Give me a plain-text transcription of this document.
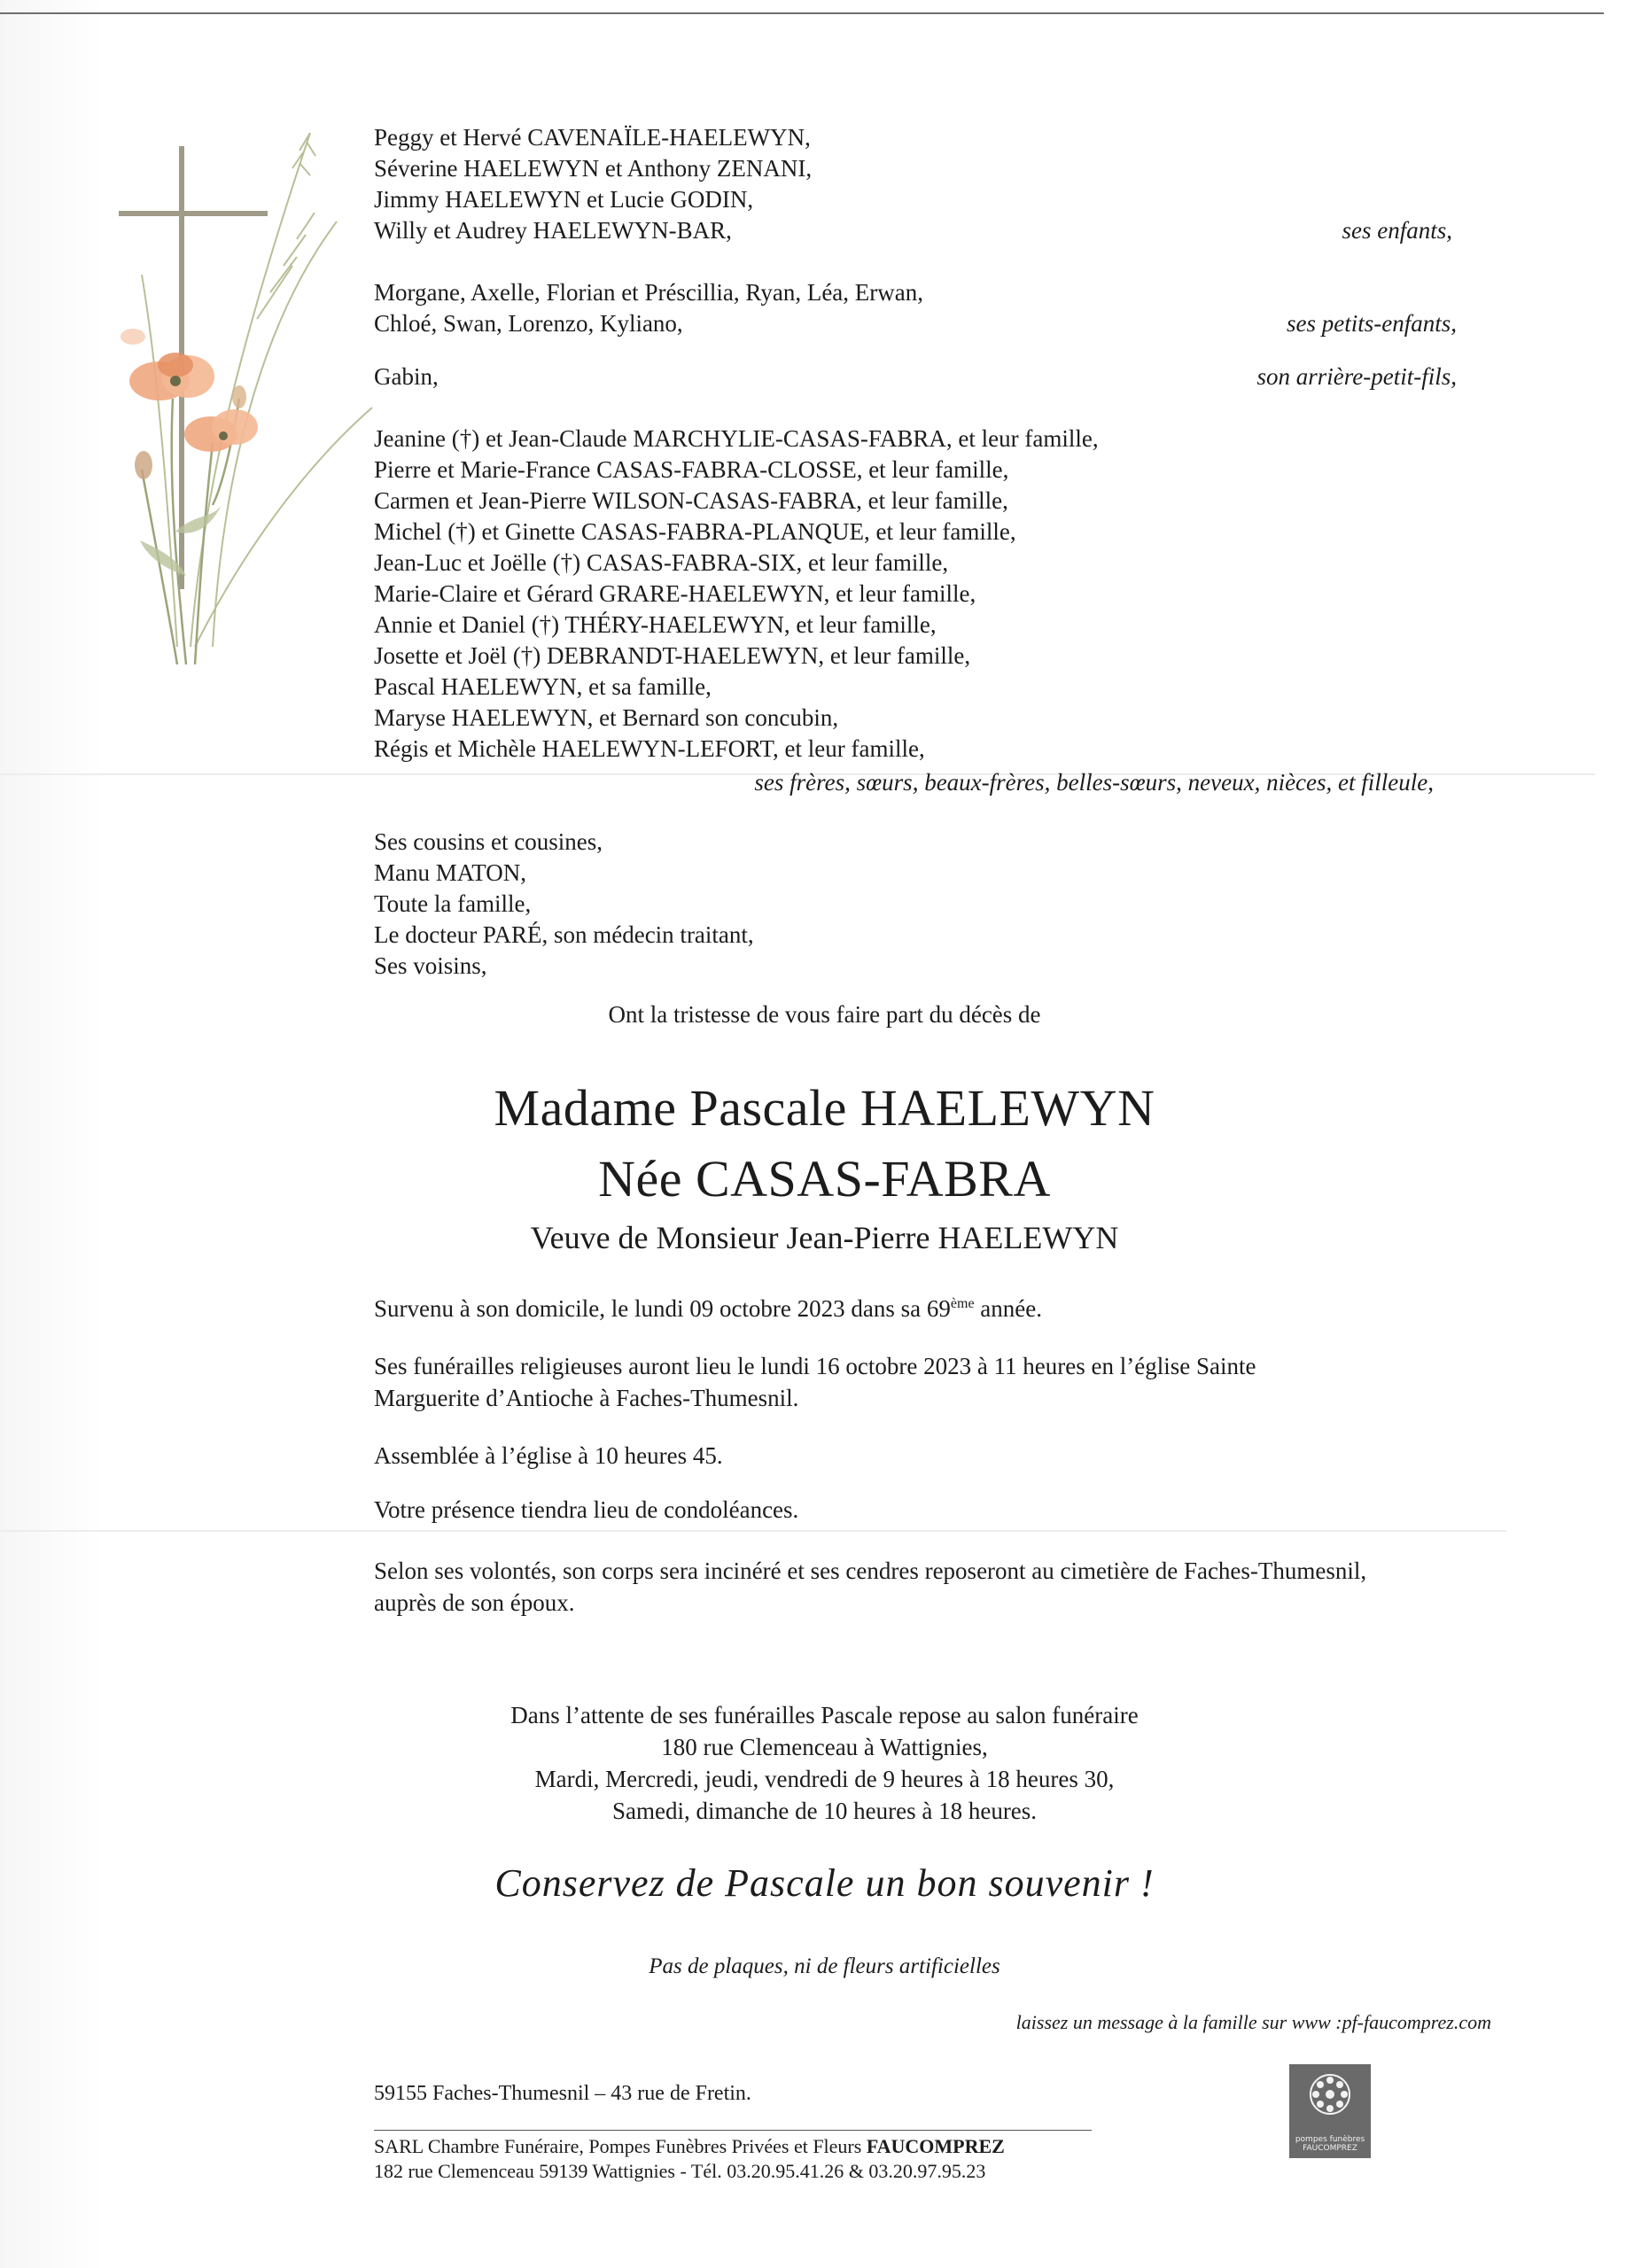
Peggy et Hervé CAVENAÏLE-HAELEWYN,
Séverine HAELEWYN et Anthony ZENANI,
Jimmy HAELEWYN et Lucie GODIN,
Willy et Audrey HAELEWYN-BAR,	ses enfants,
Morgane, Axelle, Florian et Préscillia, Ryan, Léa, Erwan,
Chloé, Swan, Lorenzo, Kyliano,	ses petits-enfants,
Gabin,	son arrière-petit-fils,
Jeanine (†) et Jean-Claude MARCHYLIE-CASAS-FABRA, et leur famille,
Pierre et Marie-France CASAS-FABRA-CLOSSE, et leur famille,
Carmen et Jean-Pierre WILSON-CASAS-FABRA, et leur famille,
Michel (†) et Ginette CASAS-FABRA-PLANQUE, et leur famille,
Jean-Luc et Joëlle (†) CASAS-FABRA-SIX, et leur famille,
Marie-Claire et Gérard GRARE-HAELEWYN, et leur famille,
Annie et Daniel (†) THÉRY-HAELEWYN, et leur famille,
Josette et Joël (†) DEBRANDT-HAELEWYN, et leur famille,
Pascal HAELEWYN, et sa famille,
Maryse HAELEWYN, et Bernard son concubin,
Régis et Michèle HAELEWYN-LEFORT, et leur famille,
ses frères, sœurs, beaux-frères, belles-sœurs, neveux, nièces, et filleule,
Ses cousins et cousines,
Manu MATON,
Toute la famille,
Le docteur PARÉ, son médecin traitant,
Ses voisins,
Ont la tristesse de vous faire part du décès de
Madame Pascale HAELEWYN
Née CASAS-FABRA
Veuve de Monsieur Jean-Pierre HAELEWYN
Survenu à son domicile, le lundi 09 octobre 2023 dans sa 69ème année.
Ses funérailles religieuses auront lieu le lundi 16 octobre 2023 à 11 heures en l’église Sainte
Marguerite d’Antioche à Faches-Thumesnil.
Assemblée à l’église à 10 heures 45.
Votre présence tiendra lieu de condoléances.
Selon ses volontés, son corps sera incinéré et ses cendres reposeront au cimetière de Faches-Thumesnil,
auprès de son époux.
Dans l’attente de ses funérailles Pascale repose au salon funéraire
180 rue Clemenceau à Wattignies,
Mardi, Mercredi, jeudi, vendredi de 9 heures à 18 heures 30,
Samedi, dimanche de 10 heures à 18 heures.
Conservez de Pascale un bon souvenir !
Pas de plaques, ni de fleurs artificielles
laissez un message à la famille sur www :pf-faucomprez.com
59155 Faches-Thumesnil – 43 rue de Fretin.
SARL Chambre Funéraire, Pompes Funèbres Privées et Fleurs FAUCOMPREZ
182 rue Clemenceau 59139 Wattignies - Tél. 03.20.95.41.26 & 03.20.97.95.23
pompes funèbres
FAUCOMPREZ
